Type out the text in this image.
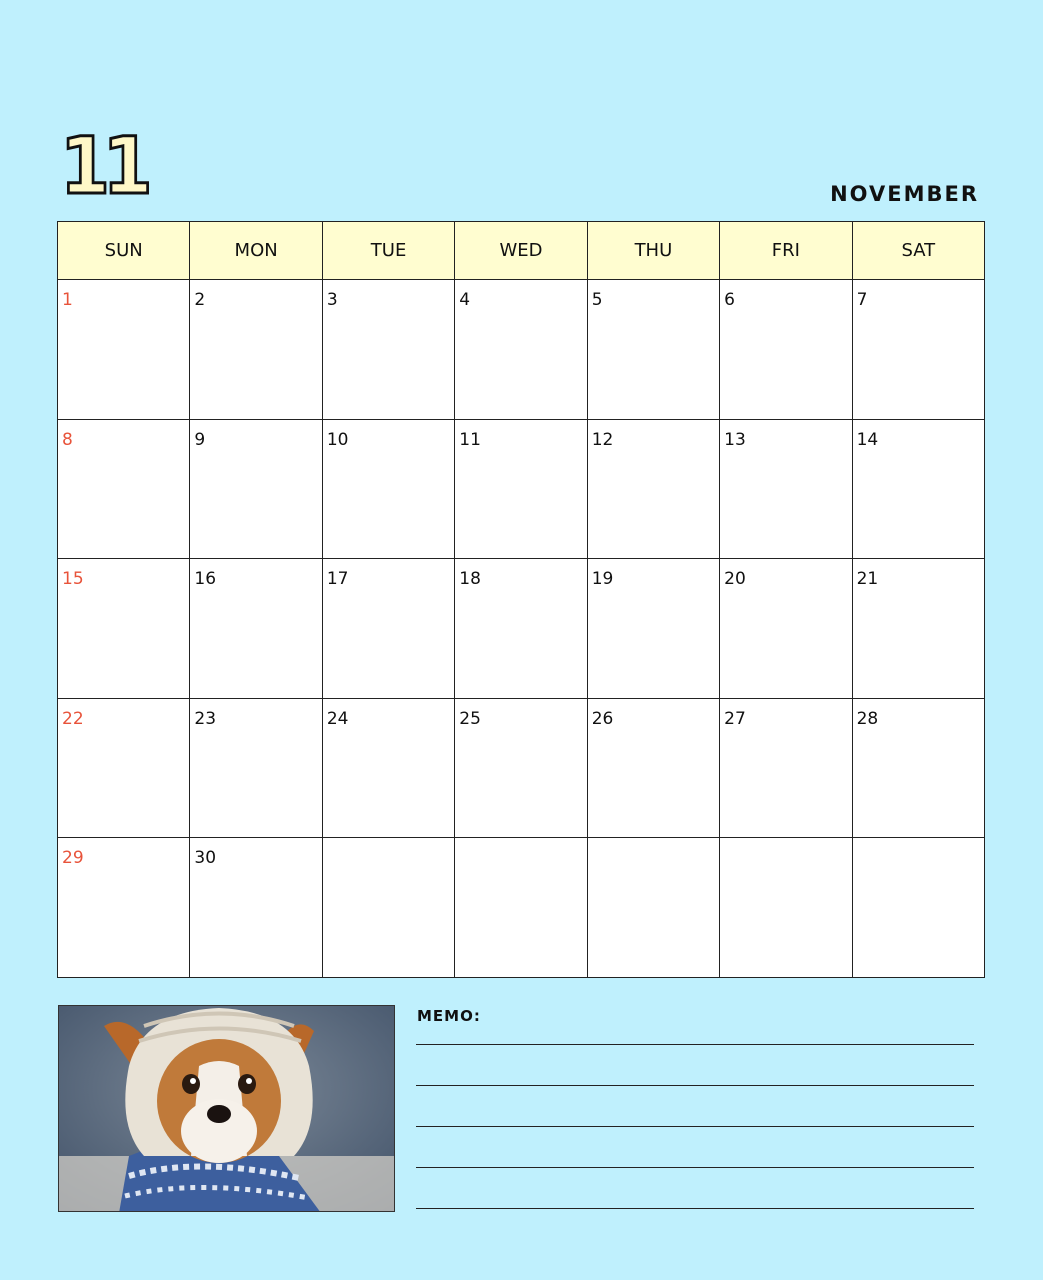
11	NOVEMBER
SUN	MON	TUE	WED	THU	FRI	SAT
1	2	3	4	5	6	7
8	9	10	11	12	13	14
15	16	17	18	19	20	21
22	23	24	25	26	27	28
29	30
MEMO:
